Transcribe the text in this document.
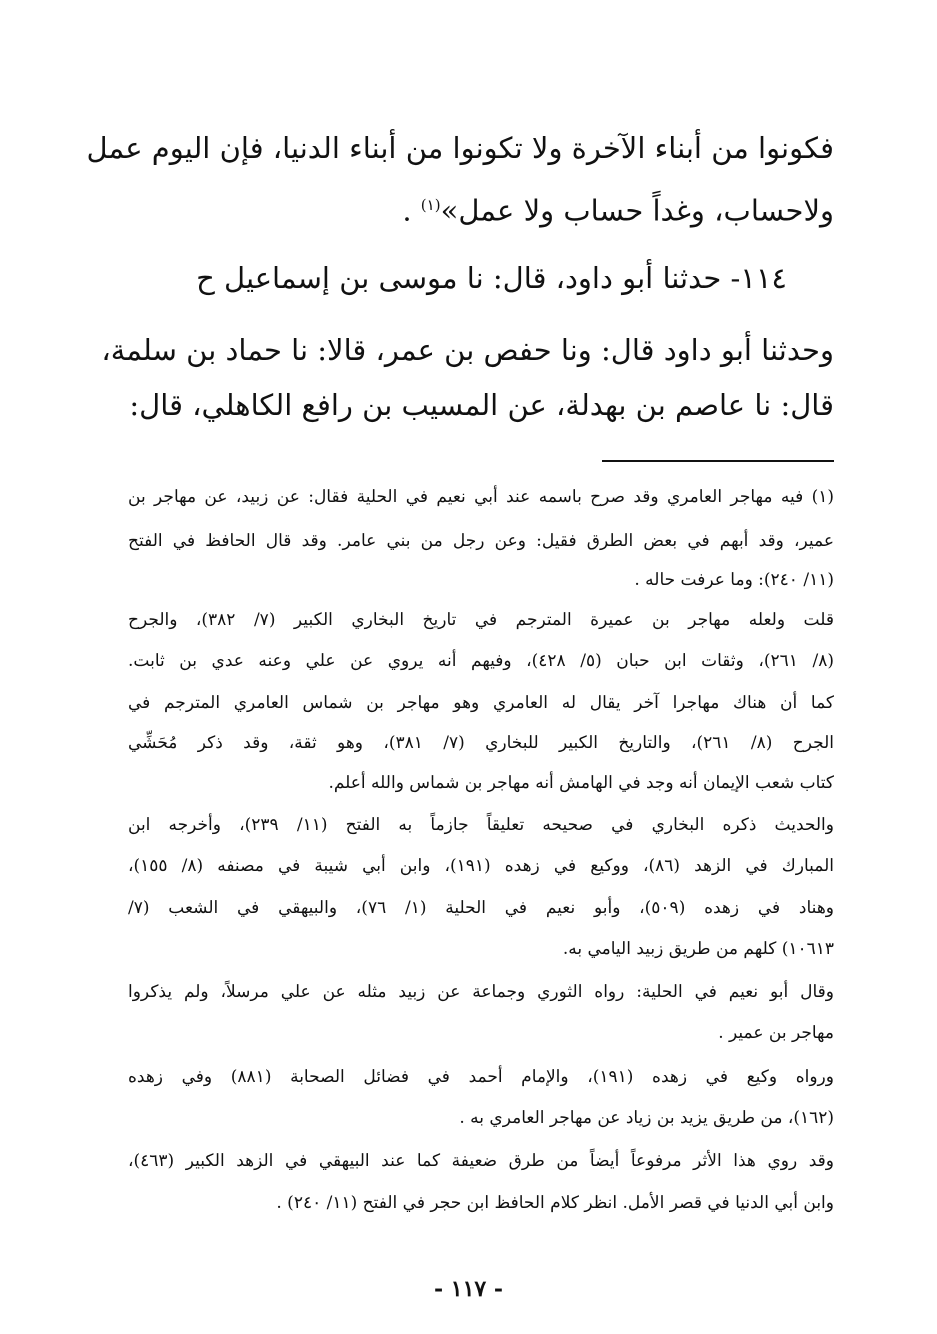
فكونوا من أبناء الآخرة ولا تكونوا من أبناء الدنيا، فإن اليوم عمل
ولاحساب، وغداً حساب ولا عمل»$^{(١)}$ .
١١٤- حدثنا أبو داود، قال: نا موسى بن إسماعيل ح
وحدثنا أبو داود قال: ونا حفص بن عمر، قالا: نا حماد بن سلمة،
قال: نا عاصم بن بهدلة، عن المسيب بن رافع الكاهلي، قال:
(١) فيه مهاجر العامري وقد صرح باسمه عند أبي نعيم في الحلية فقال: عن زبيد، عن مهاجر بن
عمير، وقد أبهم في بعض الطرق فقيل: وعن رجل من بني عامر. وقد قال الحافظ في الفتح
(١١/ ٢٤٠): وما عرفت حاله .
قلت ولعله مهاجر بن عميرة المترجم في تاريخ البخاري الكبير (٧/ ٣٨٢)، والجرح
(٨/ ٢٦١)، وثقات ابن حبان (٥/ ٤٢٨)، وفيهم أنه يروي عن علي وعنه عدي بن ثابت.
كما أن هناك مهاجرا آخر يقال له العامري وهو مهاجر بن شماس العامري المترجم في
الجرح (٨/ ٢٦١)، والتاريخ الكبير للبخاري (٧/ ٣٨١)، وهو ثقة، وقد ذكر مُحَشِّي
كتاب شعب الإيمان أنه وجد في الهامش أنه مهاجر بن شماس والله أعلم.
والحديث ذكره البخاري في صحيحه تعليقاً جازماً به الفتح (١١/ ٢٣٩)، وأخرجه ابن
المبارك في الزهد (٨٦)، ووكيع في زهده (١٩١)، وابن أبي شيبة في مصنفه (٨/ ١٥٥)،
وهناد في زهده (٥٠٩)، وأبو نعيم في الحلية (١/ ٧٦)، والبيهقي في الشعب (٧/
١٠٦١٣) كلهم من طريق زبيد اليامي به.
وقال أبو نعيم في الحلية: رواه الثوري وجماعة عن زبيد مثله عن علي مرسلاً، ولم يذكروا
مهاجر بن عمير .
ورواه وكيع في زهده (١٩١)، والإمام أحمد في فضائل الصحابة (٨٨١) وفي زهده
(١٦٢)، من طريق يزيد بن زياد عن مهاجر العامري به .
وقد روي هذا الأثر مرفوعاً أيضاً من طرق ضعيفة كما عند البيهقي في الزهد الكبير (٤٦٣)،
وابن أبي الدنيا في قصر الأمل. انظر كلام الحافظ ابن حجر في الفتح (١١/ ٢٤٠) .
- ١١٧ -
